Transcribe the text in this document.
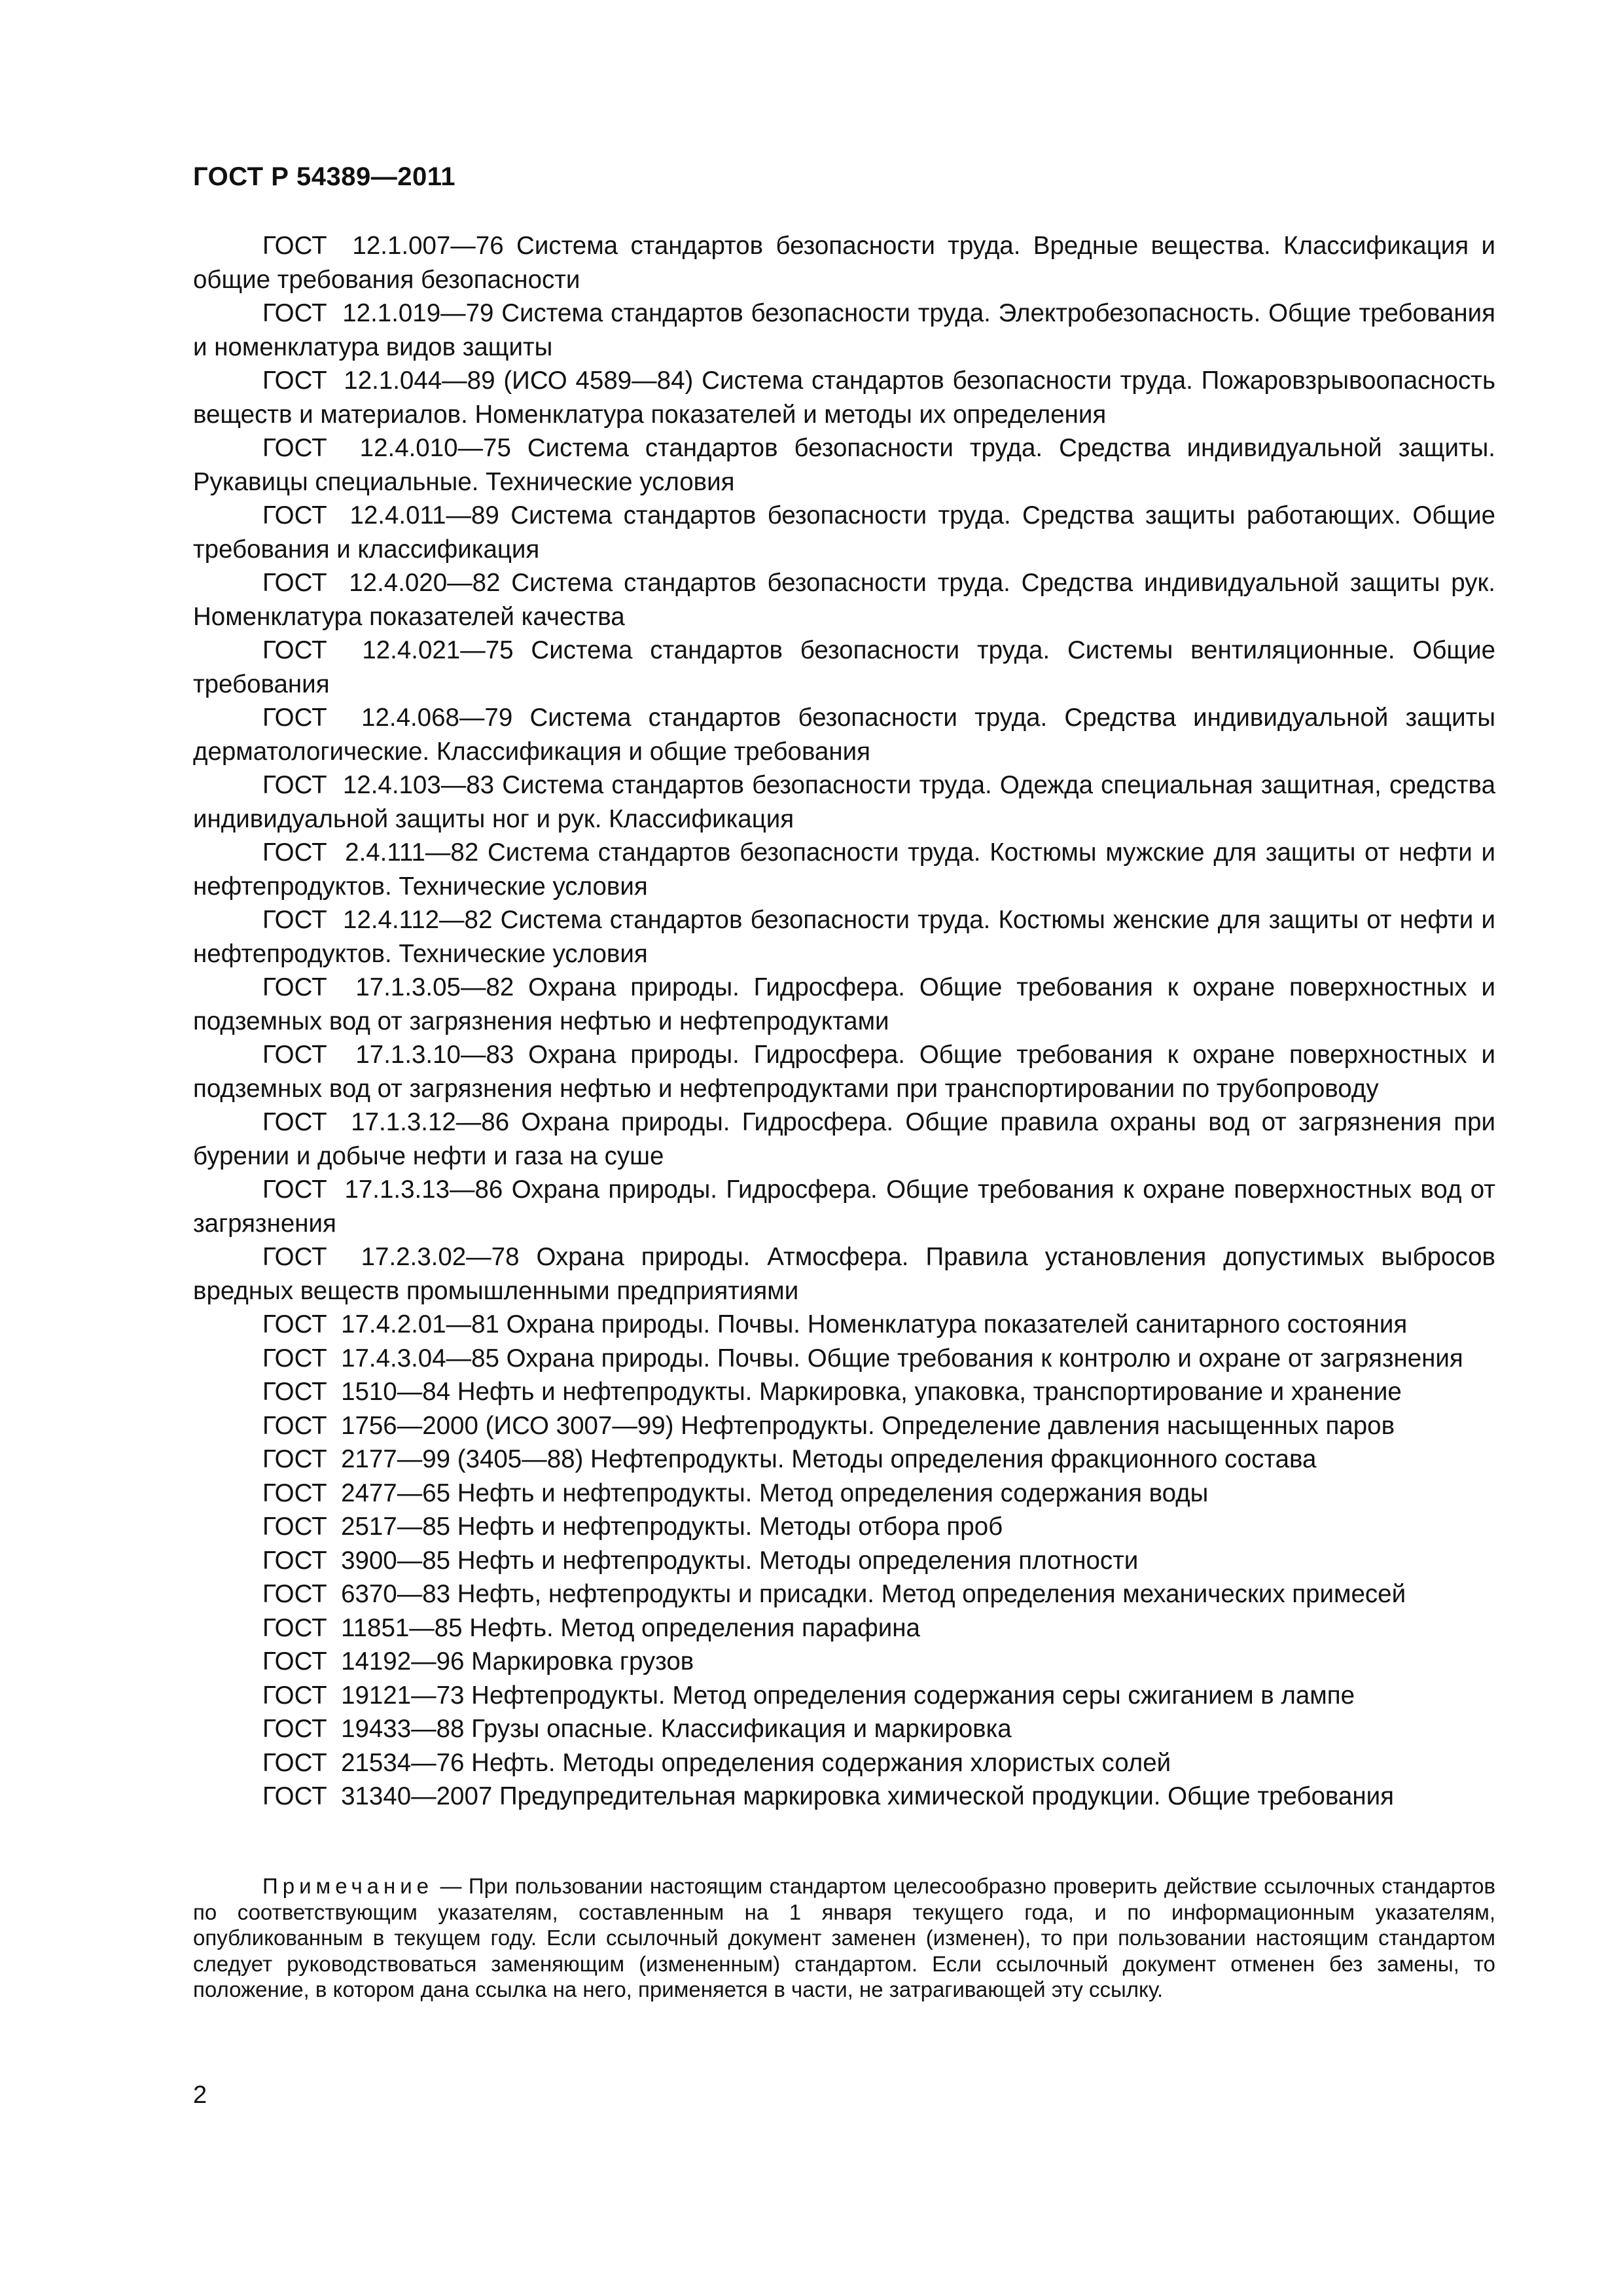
ГОСТ Р 54389—2011

ГОСТ  12.1.007—76 Система стандартов безопасности труда. Вредные вещества. Классификация и общие требования безопасности

ГОСТ  12.1.019—79 Система стандартов безопасности труда. Электробезопасность. Общие требования и номенклатура видов защиты

ГОСТ  12.1.044—89 (ИСО 4589—84) Система стандартов безопасности труда. Пожаровзрывоопасность веществ и материалов. Номенклатура показателей и методы их определения

ГОСТ  12.4.010—75 Система стандартов безопасности труда. Средства индивидуальной защиты. Рукавицы специальные. Технические условия

ГОСТ  12.4.011—89 Система стандартов безопасности труда. Средства защиты работающих. Общие требования и классификация

ГОСТ  12.4.020—82 Система стандартов безопасности труда. Средства индивидуальной защиты рук. Номенклатура показателей качества

ГОСТ  12.4.021—75 Система стандартов безопасности труда. Системы вентиляционные. Общие требования

ГОСТ  12.4.068—79 Система стандартов безопасности труда. Средства индивидуальной защиты дерматологические. Классификация и общие требования

ГОСТ  12.4.103—83 Система стандартов безопасности труда. Одежда специальная защитная, средства индивидуальной защиты ног и рук. Классификация

ГОСТ  2.4.111—82 Система стандартов безопасности труда. Костюмы мужские для защиты от нефти и нефтепродуктов. Технические условия

ГОСТ  12.4.112—82 Система стандартов безопасности труда. Костюмы женские для защиты от нефти и нефтепродуктов. Технические условия

ГОСТ  17.1.3.05—82 Охрана природы. Гидросфера. Общие требования к охране поверхностных и подземных вод от загрязнения нефтью и нефтепродуктами

ГОСТ  17.1.3.10—83 Охрана природы. Гидросфера. Общие требования к охране поверхностных и подземных вод от загрязнения нефтью и нефтепродуктами при транспортировании по трубопроводу

ГОСТ  17.1.3.12—86 Охрана природы. Гидросфера. Общие правила охраны вод от загрязнения при бурении и добыче нефти и газа на суше

ГОСТ  17.1.3.13—86 Охрана природы. Гидросфера. Общие требования к охране поверхностных вод от загрязнения

ГОСТ  17.2.3.02—78 Охрана природы. Атмосфера. Правила установления допустимых выбросов вредных веществ промышленными предприятиями

ГОСТ  17.4.2.01—81 Охрана природы. Почвы. Номенклатура показателей санитарного состояния

ГОСТ  17.4.3.04—85 Охрана природы. Почвы. Общие требования к контролю и охране от загрязнения

ГОСТ  1510—84 Нефть и нефтепродукты. Маркировка, упаковка, транспортирование и хранение

ГОСТ  1756—2000 (ИСО 3007—99) Нефтепродукты. Определение давления насыщенных паров

ГОСТ  2177—99 (3405—88) Нефтепродукты. Методы определения фракционного состава

ГОСТ  2477—65 Нефть и нефтепродукты. Метод определения содержания воды

ГОСТ  2517—85 Нефть и нефтепродукты. Методы отбора проб

ГОСТ  3900—85 Нефть и нефтепродукты. Методы определения плотности

ГОСТ  6370—83 Нефть, нефтепродукты и присадки. Метод определения механических примесей

ГОСТ  11851—85 Нефть. Метод определения парафина

ГОСТ  14192—96 Маркировка грузов

ГОСТ  19121—73 Нефтепродукты. Метод определения содержания серы сжиганием в лампе

ГОСТ  19433—88 Грузы опасные. Классификация и маркировка

ГОСТ  21534—76 Нефть. Методы определения содержания хлористых солей

ГОСТ  31340—2007 Предупредительная маркировка химической продукции. Общие требования

Примечание — При пользовании настоящим стандартом целесообразно проверить действие ссылочных стандартов по соответствующим указателям, составленным на 1 января текущего года, и по информационным указателям, опубликованным в текущем году. Если ссылочный документ заменен (изменен), то при пользовании настоящим стандартом следует руководствоваться заменяющим (измененным) стандартом. Если ссылочный документ отменен без замены, то положение, в котором дана ссылка на него, применяется в части, не затрагивающей эту ссылку.
2
